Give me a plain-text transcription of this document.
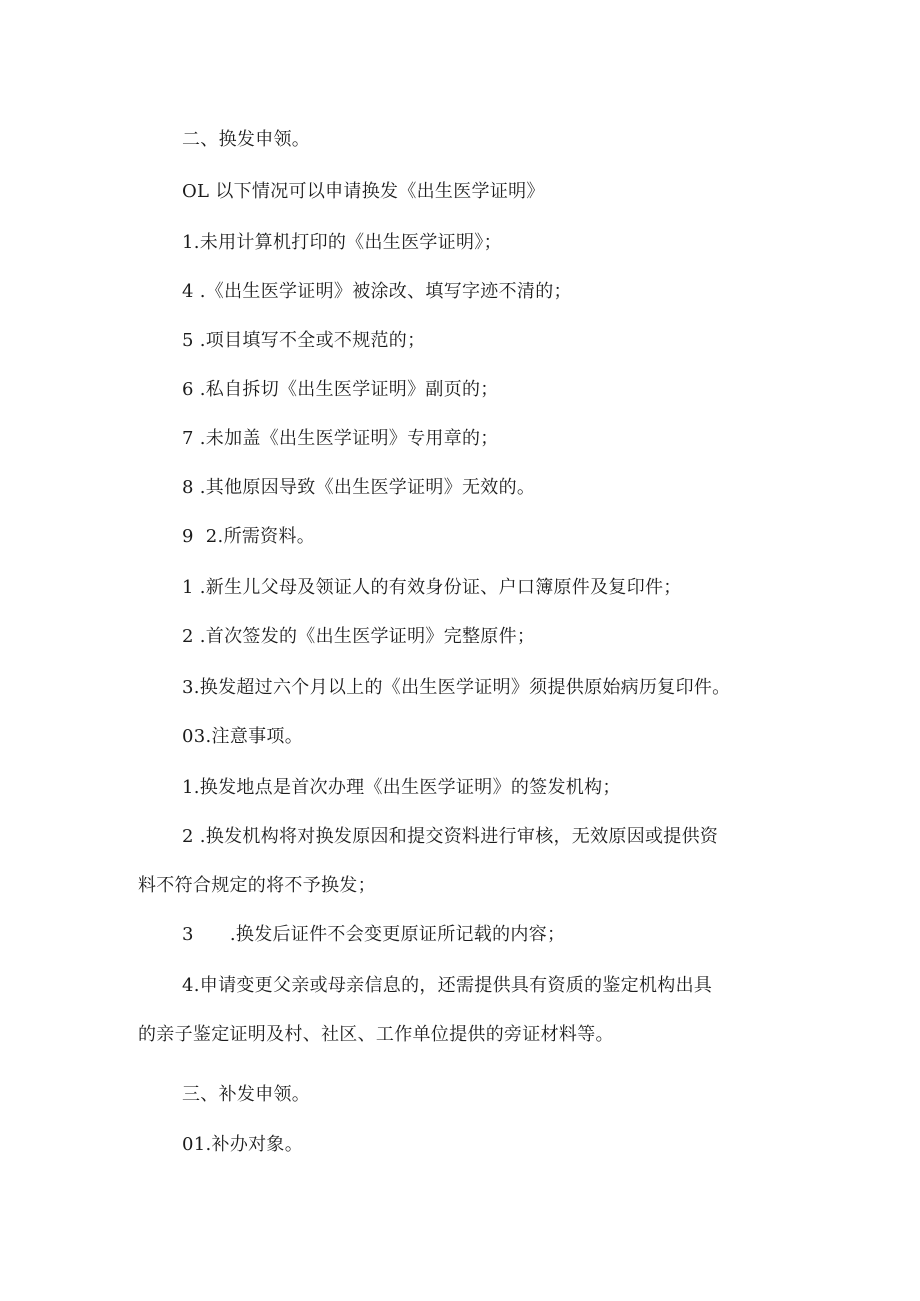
二、换发申领。
OL 以下情况可以申请换发《出生医学证明》
1.未用计算机打印的《出生医学证明》；
4 .《出生医学证明》被涂改、填写字迹不清的；
5 .项目填写不全或不规范的；
6 .私自拆切《出生医学证明》副页的；
7 .未加盖《出生医学证明》专用章的；
8 .其他原因导致《出生医学证明》无效的。
9  2.所需资料。
1 .新生儿父母及领证人的有效身份证、户口簿原件及复印件；
2 .首次签发的《出生医学证明》完整原件；
3.换发超过六个月以上的《出生医学证明》须提供原始病历复印件。
03.注意事项。
1.换发地点是首次办理《出生医学证明》的签发机构；
2 .换发机构将对换发原因和提交资料进行审核，无效原因或提供资
料不符合规定的将不予换发；
3      .换发后证件不会变更原证所记载的内容；
4.申请变更父亲或母亲信息的，还需提供具有资质的鉴定机构出具
的亲子鉴定证明及村、社区、工作单位提供的旁证材料等。
三、补发申领。
01.补办对象。
